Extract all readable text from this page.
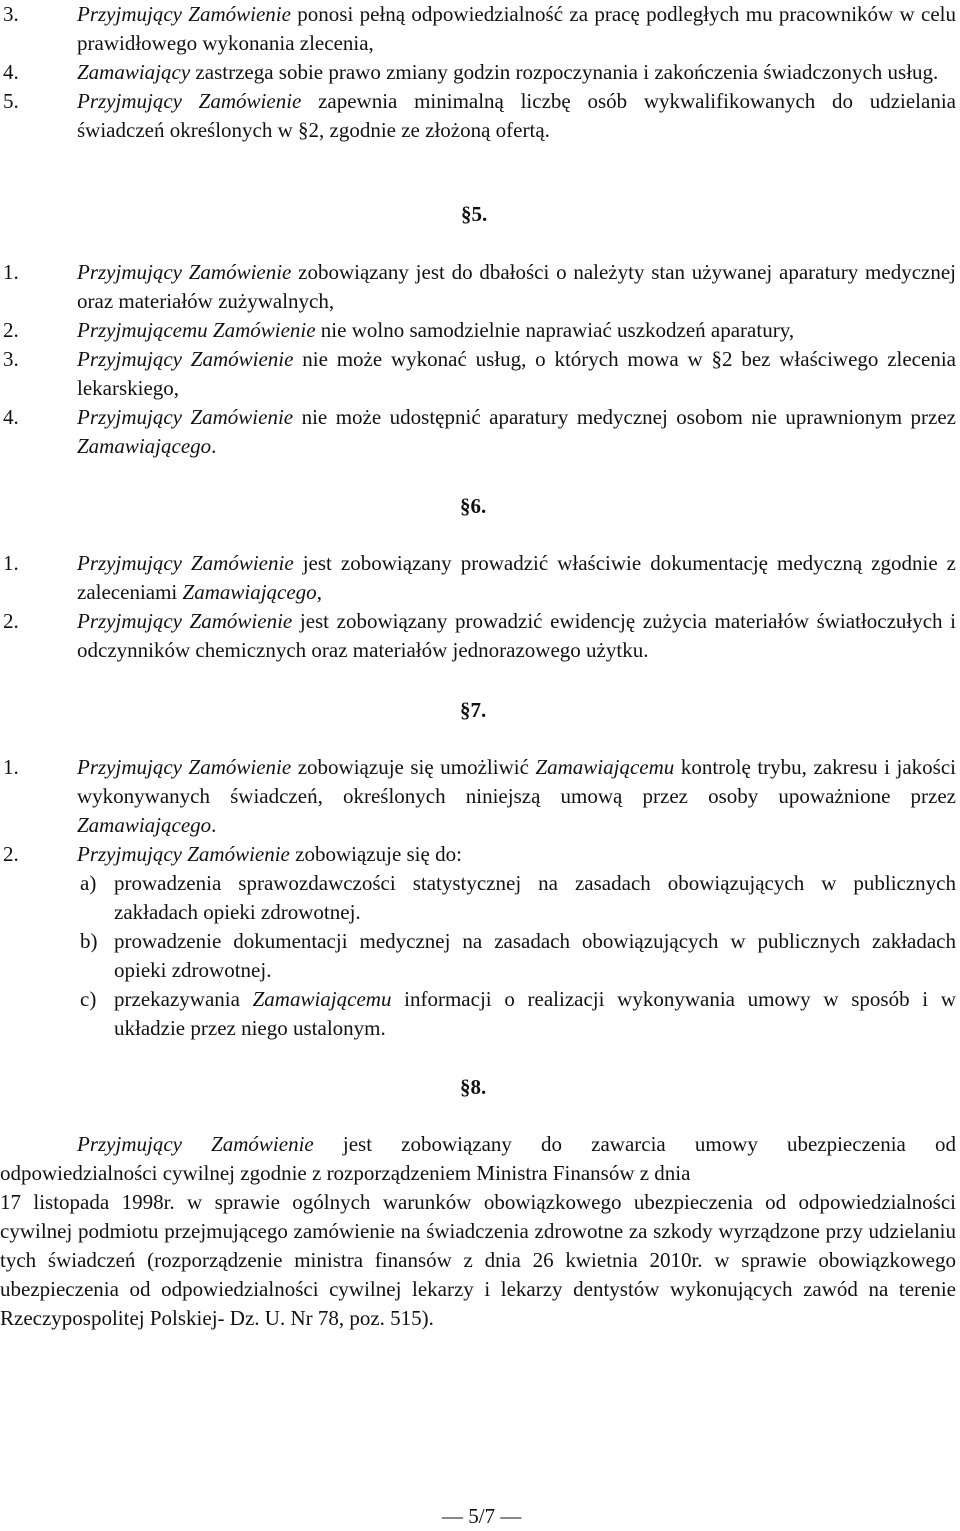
3.	Przyjmujący Zamówienie ponosi pełną odpowiedzialność za pracę podległych mu pracowników w celu prawidłowego wykonania zlecenia,
4.	Zamawiający zastrzega sobie prawo zmiany godzin rozpoczynania i zakończenia świadczonych usług.
5.	Przyjmujący Zamówienie zapewnia minimalną liczbę osób wykwalifikowanych do udzielania świadczeń określonych w §2, zgodnie ze złożoną ofertą.
§5.
1.	Przyjmujący Zamówienie zobowiązany jest do dbałości o należyty stan używanej aparatury medycznej oraz materiałów zużywalnych,
2.	Przyjmującemu Zamówienie nie wolno samodzielnie naprawiać uszkodzeń aparatury,
3.	Przyjmujący Zamówienie nie może wykonać usług, o których mowa w §2 bez właściwego zlecenia lekarskiego,
4.	Przyjmujący Zamówienie nie może udostępnić aparatury medycznej osobom nie uprawnionym przez Zamawiającego.
§6.
1.	Przyjmujący Zamówienie jest zobowiązany prowadzić właściwie dokumentację medyczną zgodnie z zaleceniami Zamawiającego,
2.	Przyjmujący Zamówienie jest zobowiązany prowadzić ewidencję zużycia materiałów światłoczułych i odczynników chemicznych oraz materiałów jednorazowego użytku.
§7.
1.	Przyjmujący Zamówienie zobowiązuje się umożliwić Zamawiającemu kontrolę trybu, zakresu i jakości wykonywanych świadczeń, określonych niniejszą umową przez osoby upoważnione przez Zamawiającego.
2.	Przyjmujący Zamówienie zobowiązuje się do:
a) prowadzenia sprawozdawczości statystycznej na zasadach obowiązujących w publicznych zakładach opieki zdrowotnej.
b) prowadzenie dokumentacji medycznej na zasadach obowiązujących w publicznych zakładach opieki zdrowotnej.
c) przekazywania Zamawiającemu informacji o realizacji wykonywania umowy w sposób i w układzie przez niego ustalonym.
§8.
Przyjmujący Zamówienie jest zobowiązany do zawarcia umowy ubezpieczenia od
odpowiedzialności cywilnej zgodnie z rozporządzeniem Ministra Finansów z dnia
17 listopada 1998r. w sprawie ogólnych warunków obowiązkowego ubezpieczenia od odpowiedzialności cywilnej podmiotu przejmującego zamówienie na świadczenia zdrowotne za szkody wyrządzone przy udzielaniu tych świadczeń (rozporządzenie ministra finansów z dnia 26 kwietnia 2010r. w sprawie obowiązkowego ubezpieczenia od odpowiedzialności cywilnej lekarzy i lekarzy dentystów wykonujących zawód na terenie Rzeczypospolitej Polskiej- Dz. U. Nr 78, poz. 515).
— 5/7 —
